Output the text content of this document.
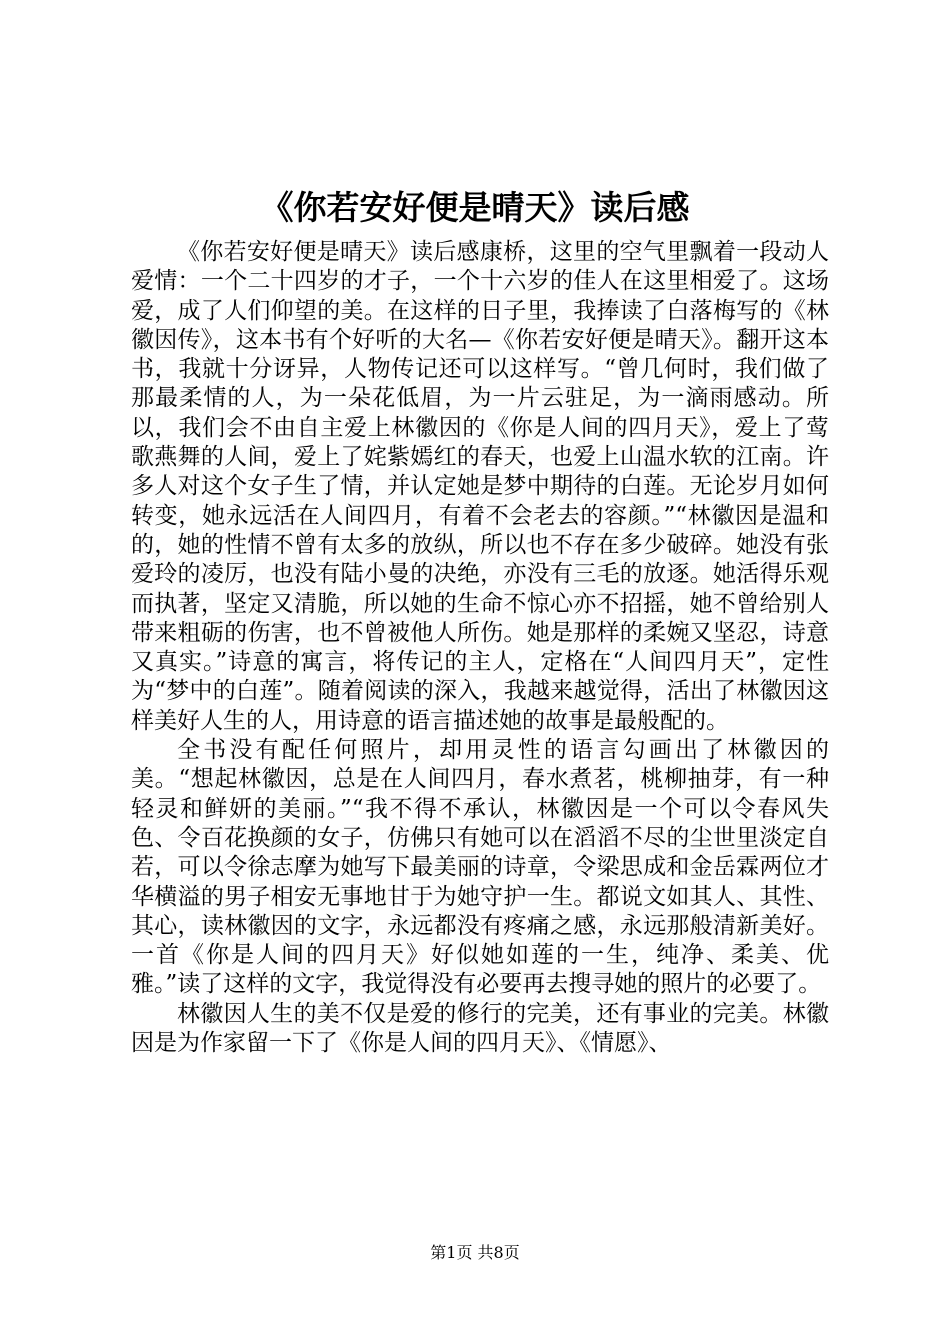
《你若安好便是晴天》读后感

《你若安好便是晴天》读后感康桥，这里的空气里飘着一段动人爱情：一个二十四岁的才子，一个十六岁的佳人在这里相爱了。这场爱，成了人们仰望的美。在这样的日子里，我捧读了白落梅写的《林徽因传》，这本书有个好听的大名—《你若安好便是晴天》。翻开这本书，我就十分讶异，人物传记还可以这样写。“曾几何时，我们做了那最柔情的人，为一朵花低眉，为一片云驻足，为一滴雨感动。所以，我们会不由自主爱上林徽因的《你是人间的四月天》，爱上了莺歌燕舞的人间，爱上了姹紫嫣红的春天，也爱上山温水软的江南。许多人对这个女子生了情，并认定她是梦中期待的白莲。无论岁月如何转变，她永远活在人间四月，有着不会老去的容颜。”“林徽因是温和的，她的性情不曾有太多的放纵，所以也不存在多少破碎。她没有张爱玲的凌厉，也没有陆小曼的决绝，亦没有三毛的放逐。她活得乐观而执著，坚定又清脆，所以她的生命不惊心亦不招摇，她不曾给别人带来粗砺的伤害，也不曾被他人所伤。她是那样的柔婉又坚忍，诗意又真实。”诗意的寓言，将传记的主人，定格在“人间四月天”，定性为“梦中的白莲”。随着阅读的深入，我越来越觉得，活出了林徽因这样美好人生的人，用诗意的语言描述她的故事是最般配的。

全书没有配任何照片，却用灵性的语言勾画出了林徽因的美。“想起林徽因，总是在人间四月，春水煮茗，桃柳抽芽，有一种轻灵和鲜妍的美丽。”“我不得不承认，林徽因是一个可以令春风失色、令百花换颜的女子，仿佛只有她可以在滔滔不尽的尘世里淡定自若，可以令徐志摩为她写下最美丽的诗章，令梁思成和金岳霖两位才华横溢的男子相安无事地甘于为她守护一生。都说文如其人、其性、其心，读林徽因的文字，永远都没有疼痛之感，永远那般清新美好。一首《你是人间的四月天》好似她如莲的一生，纯净、柔美、优雅。”读了这样的文字，我觉得没有必要再去搜寻她的照片的必要了。

林徽因人生的美不仅是爱的修行的完美，还有事业的完美。林徽因是为作家留一下了《你是人间的四月天》、《情愿》、

第1页 共8页
